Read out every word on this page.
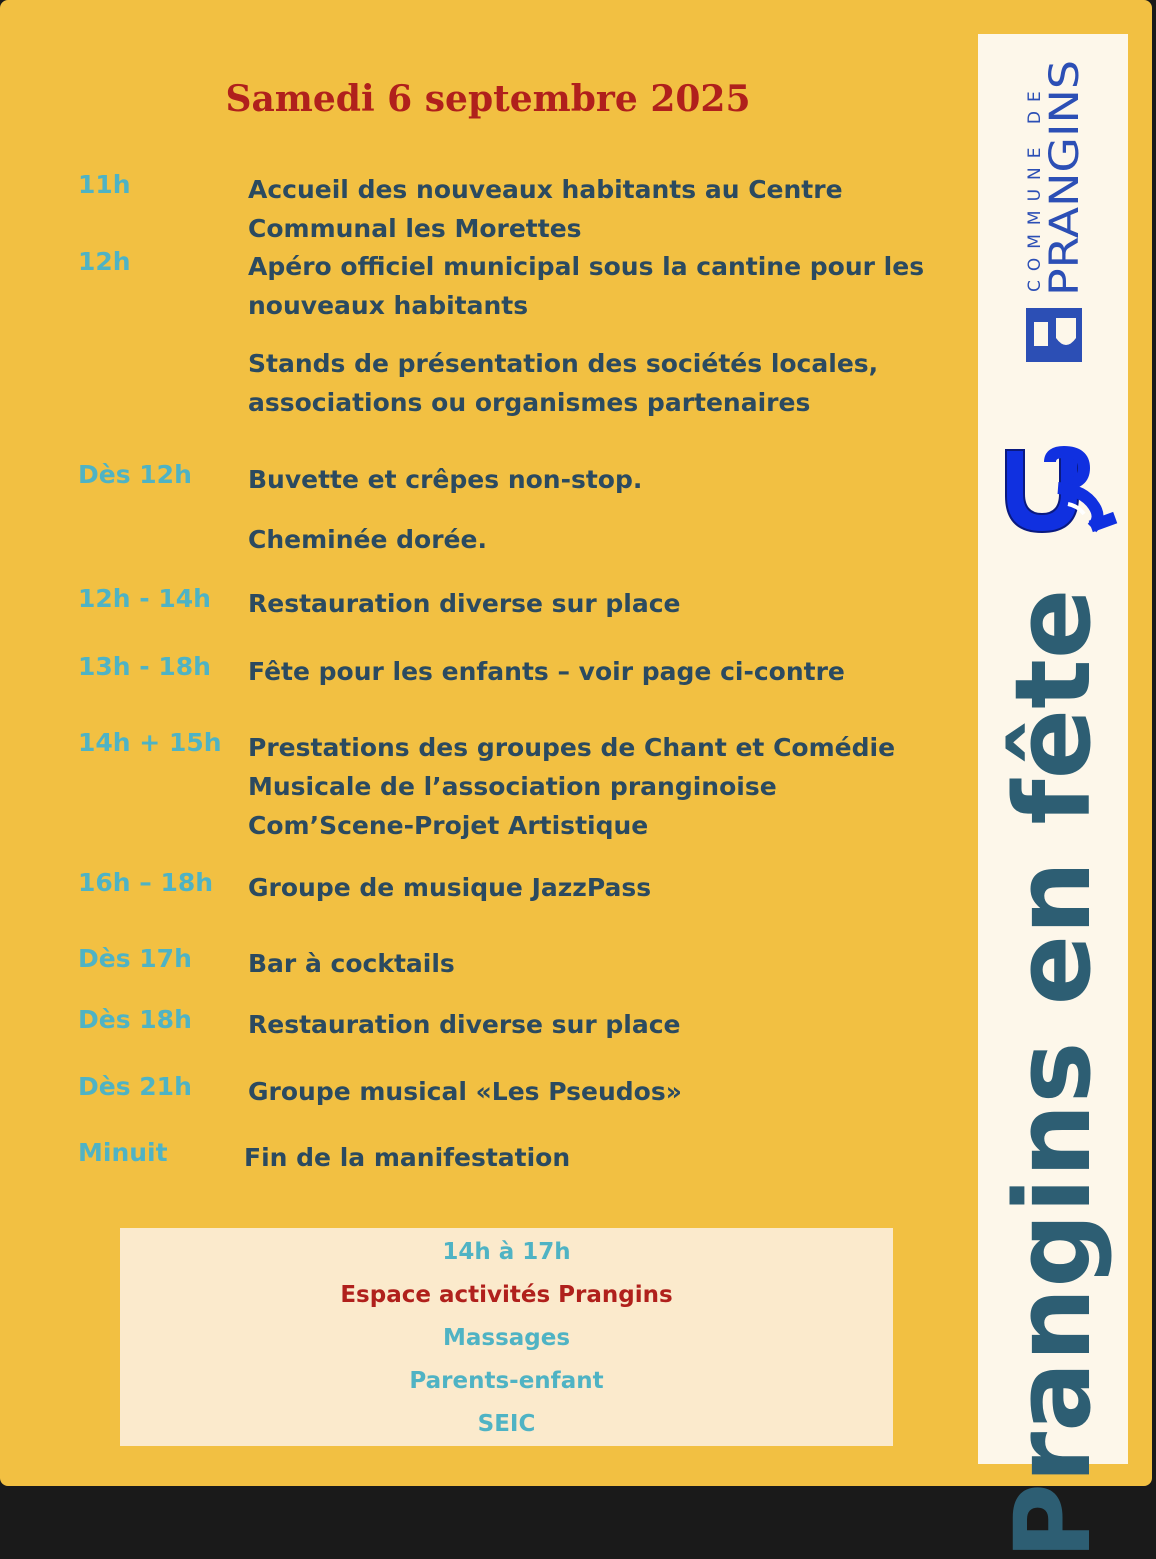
Samedi 6 septembre 2025
11h	Accueil des nouveaux habitants au Centre Communal les Morettes
12h	Apéro officiel municipal sous la cantine pour les nouveaux habitants
Stands de présentation des sociétés locales, associations ou organismes partenaires
Dès 12h Buvette et crêpes non-stop.
Cheminée dorée.
12h - 14h Restauration diverse sur place
13h - 18h Fête pour les enfants – voir page ci-contre
14h + 15h Prestations des groupes de Chant et Comédie Musicale de l’association pranginoise Com’Scene-Projet Artistique
16h – 18h Groupe de musique JazzPass
Dès 17h Bar à cocktails
Dès 18h Restauration diverse sur place
Dès 21h Groupe musical «Les Pseudos»
Minuit	Fin de la manifestation
14h à 17h
Espace activités Prangins
Massages
Parents-enfant
SEIC
COMMUNE DE
PRANGINS
Prangins en fête
